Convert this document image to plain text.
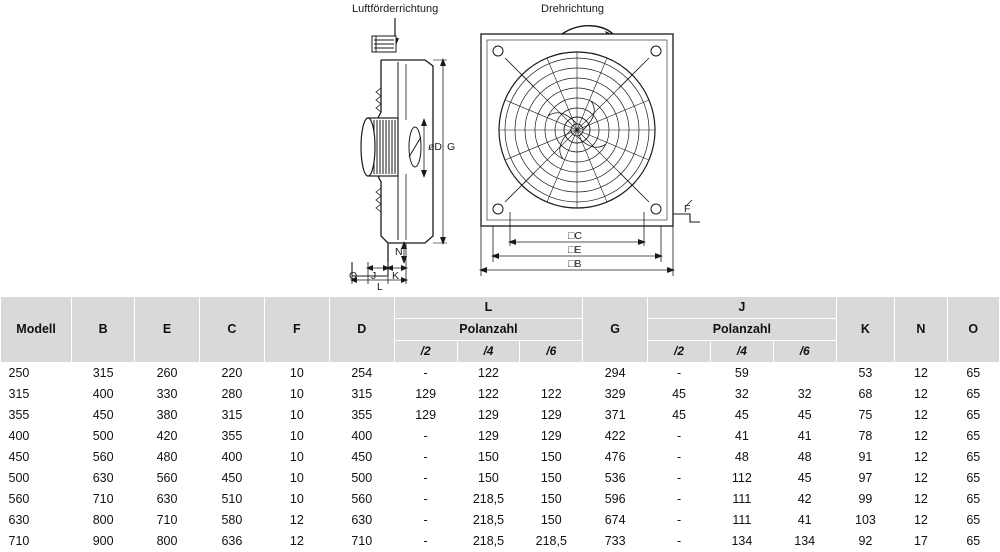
Luftförderrichtung	Drehrichtung
øD G
N
J K
O
L
F
□C
□E
□B
Modell	B	E	C	F	D	L			G	J			K	N	O
						Polanzahl				Polanzahl					
						/2	/4	/6		/2	/4	/6			
250	315	260	220	10	254	-	122		294	-	59		53	12	65
315	400	330	280	10	315	129	122	122	329	45	32	32	68	12	65
355	450	380	315	10	355	129	129	129	371	45	45	45	75	12	65
400	500	420	355	10	400	-	129	129	422	-	41	41	78	12	65
450	560	480	400	10	450	-	150	150	476	-	48	48	91	12	65
500	630	560	450	10	500	-	150	150	536	-	112	45	97	12	65
560	710	630	510	10	560	-	218,5	150	596	-	111	42	99	12	65
630	800	710	580	12	630	-	218,5	150	674	-	111	41	103	12	65
710	900	800	636	12	710	-	218,5	218,5	733	-	134	134	92	17	65
